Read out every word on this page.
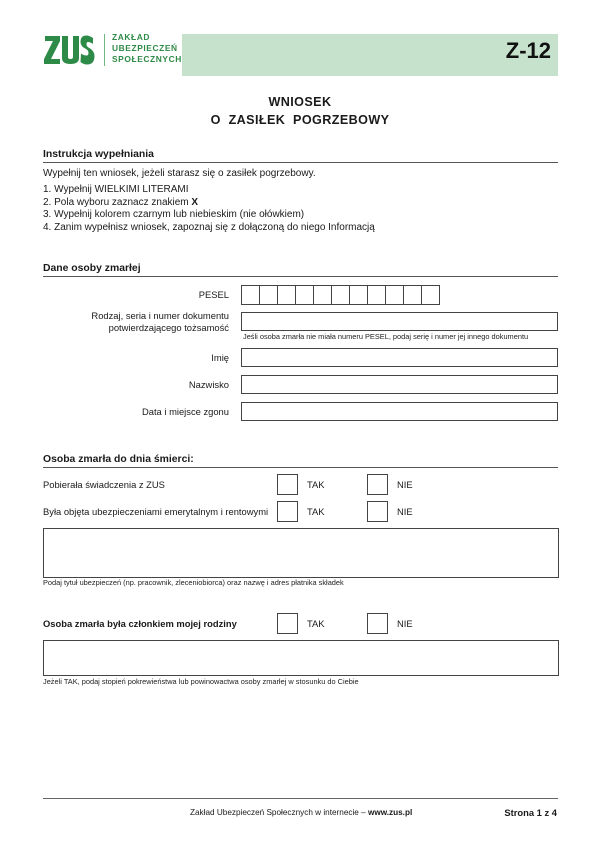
ZAKŁAD
UBEZPIECZEŃ
SPOŁECZNYCH	Z-12
WNIOSEK
O  ZASIŁEK  POGRZEBOWY
Instrukcja wypełniania
Wypełnij ten wniosek, jeżeli starasz się o zasiłek pogrzebowy.
1. Wypełnij WIELKIMI LITERAMI
2. Pola wyboru zaznacz znakiem X
3. Wypełnij kolorem czarnym lub niebieskim (nie ołówkiem)
4. Zanim wypełnisz wniosek, zapoznaj się z dołączoną do niego Informacją
Dane osoby zmarłej
PESEL
Rodzaj, seria i numer dokumentu
potwierdzającego tożsamość
Jeśli osoba zmarła nie miała numeru PESEL, podaj serię i numer jej innego dokumentu
Imię
Nazwisko
Data i miejsce zgonu
Osoba zmarła do dnia śmierci:
Pobierała świadczenia z ZUS	TAK	NIE
Była objęta ubezpieczeniami emerytalnym i rentowymi	TAK	NIE
Podaj tytuł ubezpieczeń (np. pracownik, zleceniobiorca) oraz nazwę i adres płatnika składek
Osoba zmarła była członkiem mojej rodziny	TAK	NIE
Jeżeli TAK, podaj stopień pokrewieństwa lub powinowactwa osoby zmarłej w stosunku do Ciebie
Zakład Ubezpieczeń Społecznych w internecie – www.zus.pl	Strona 1 z 4
